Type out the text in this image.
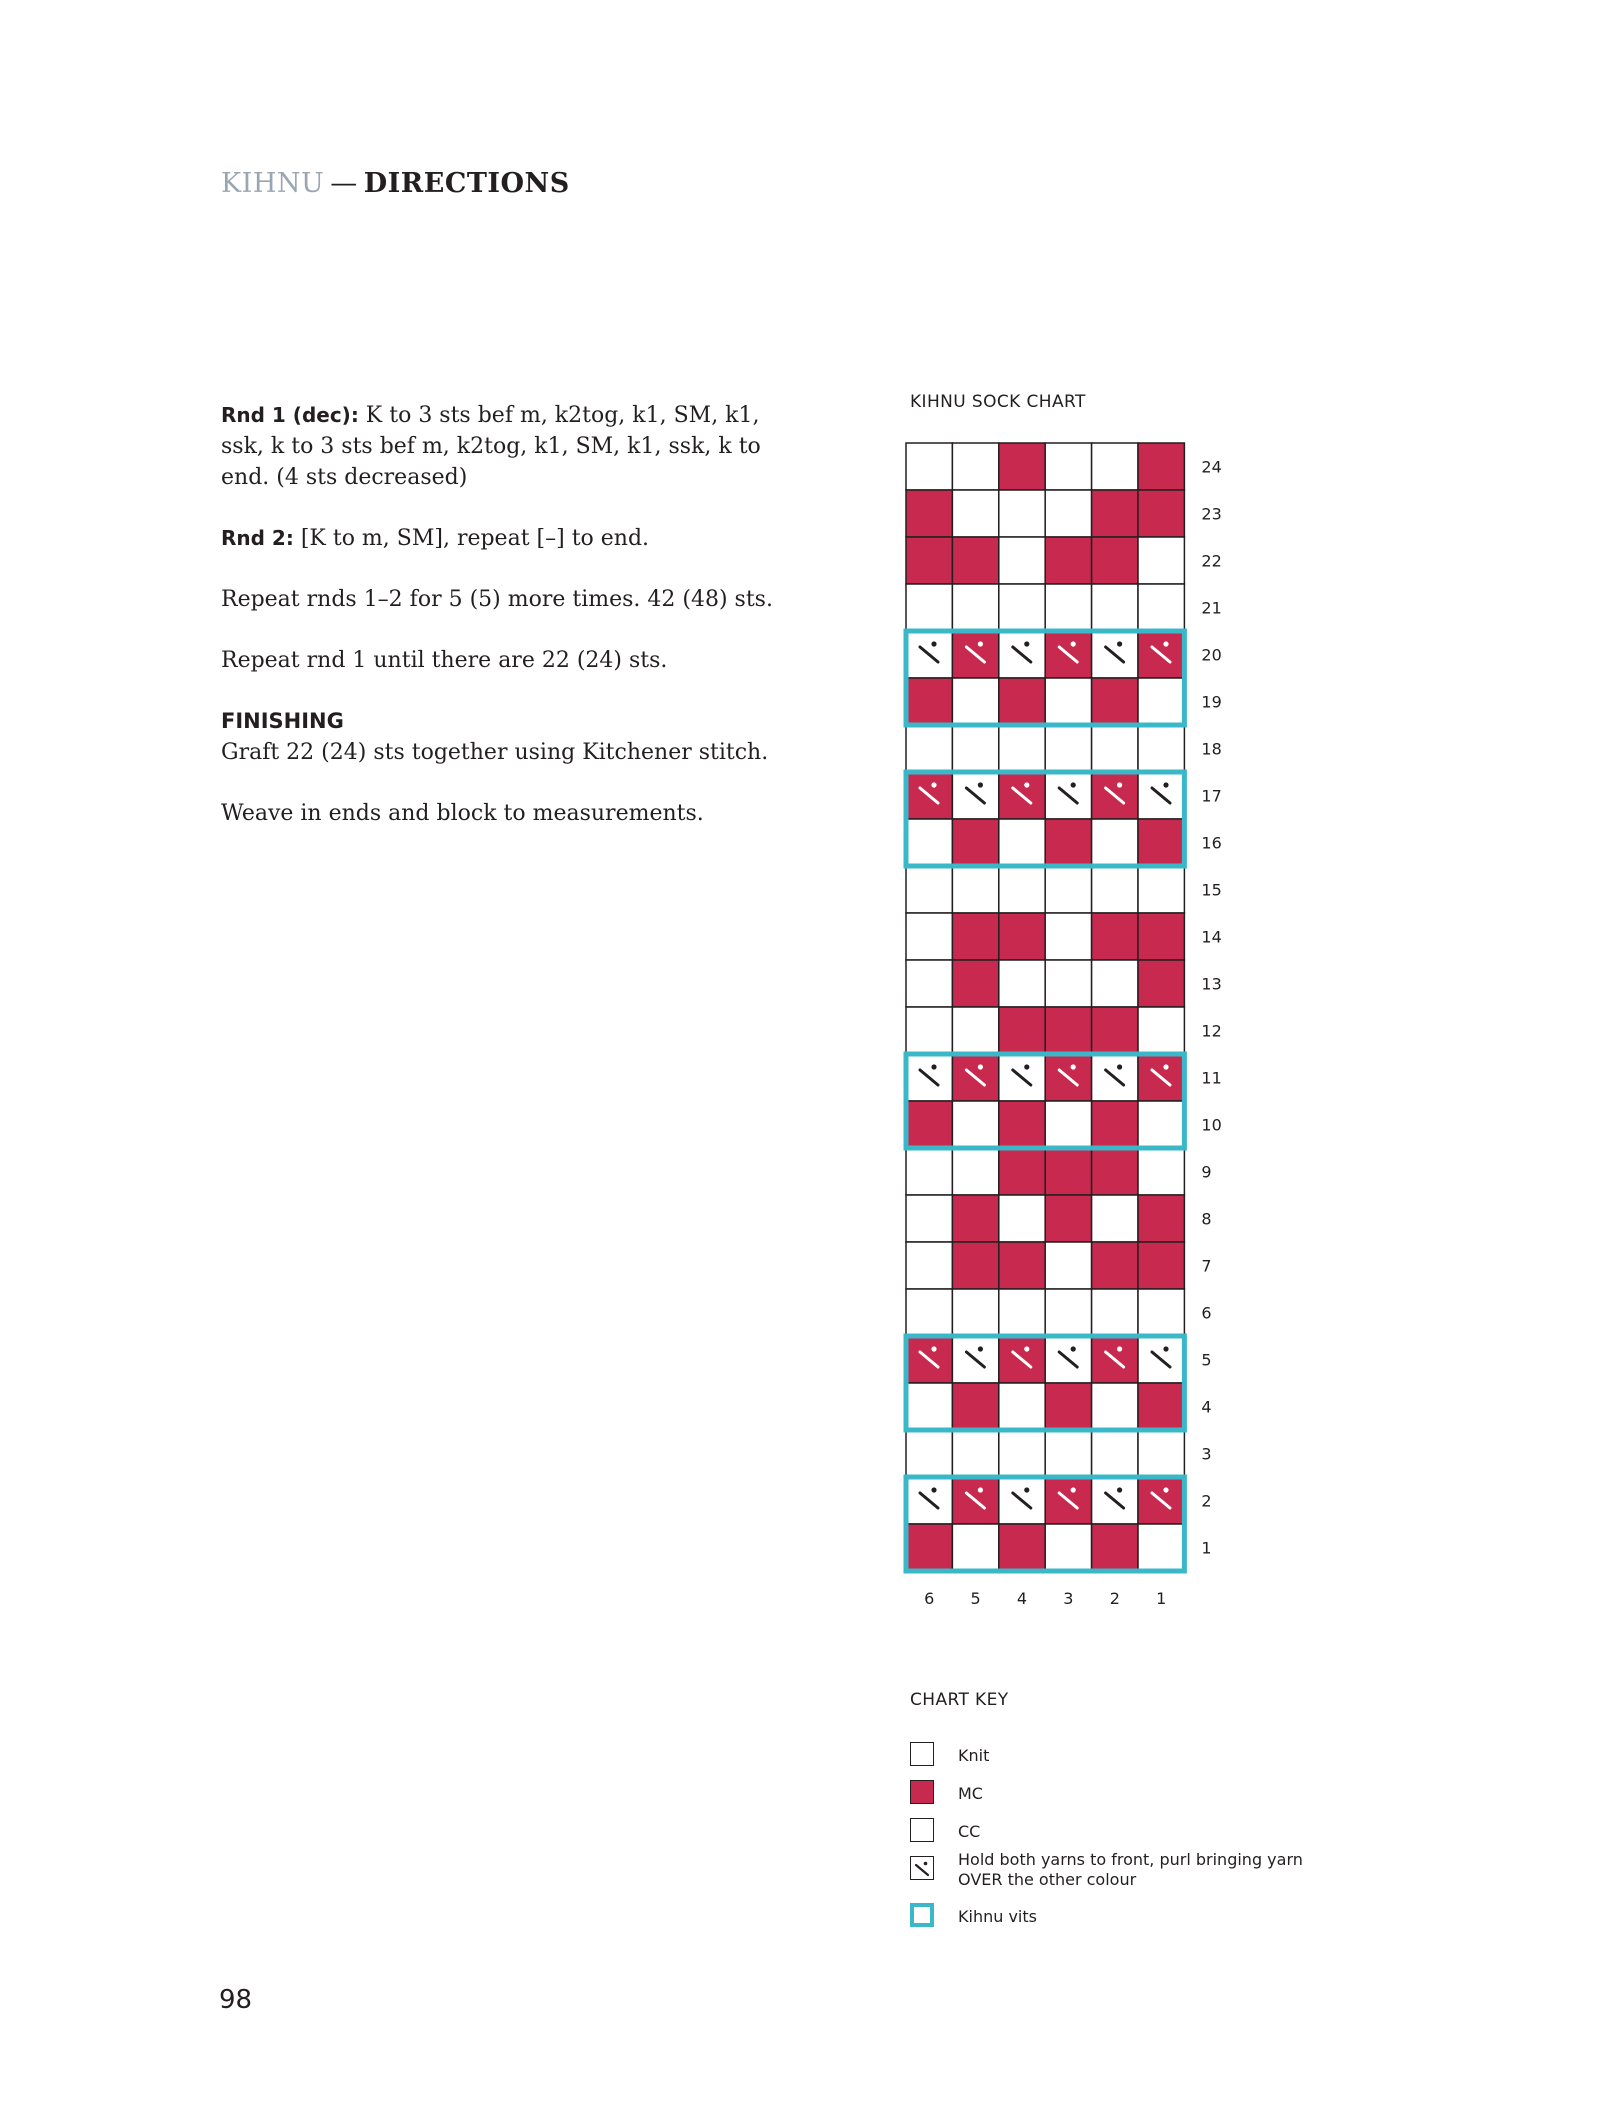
KIHNU — DIRECTIONS

Rnd 1 (dec): K to 3 sts bef m, k2tog, k1, SM, k1, ssk, k to 3 sts bef m, k2tog, k1, SM, k1, ssk, k to end. (4 sts decreased)

Rnd 2: [K to m, SM], repeat [–] to end.

Repeat rnds 1–2 for 5 (5) more times. 42 (48) sts.

Repeat rnd 1 until there are 22 (24) sts.

FINISHING

Graft 22 (24) sts together using Kitchener stitch.

Weave in ends and block to measurements.

KIHNU SOCK CHART
24
23
22
21
20
19
18
17
16
15
14
13
12
11
10
9
8
7
6
5
4
3
2
1
6 5 4 3 2 1
CHART KEY
Knit
MC
CC
Hold both yarns to front, purl bringing yarn OVER the other colour
Kihnu vits
98
